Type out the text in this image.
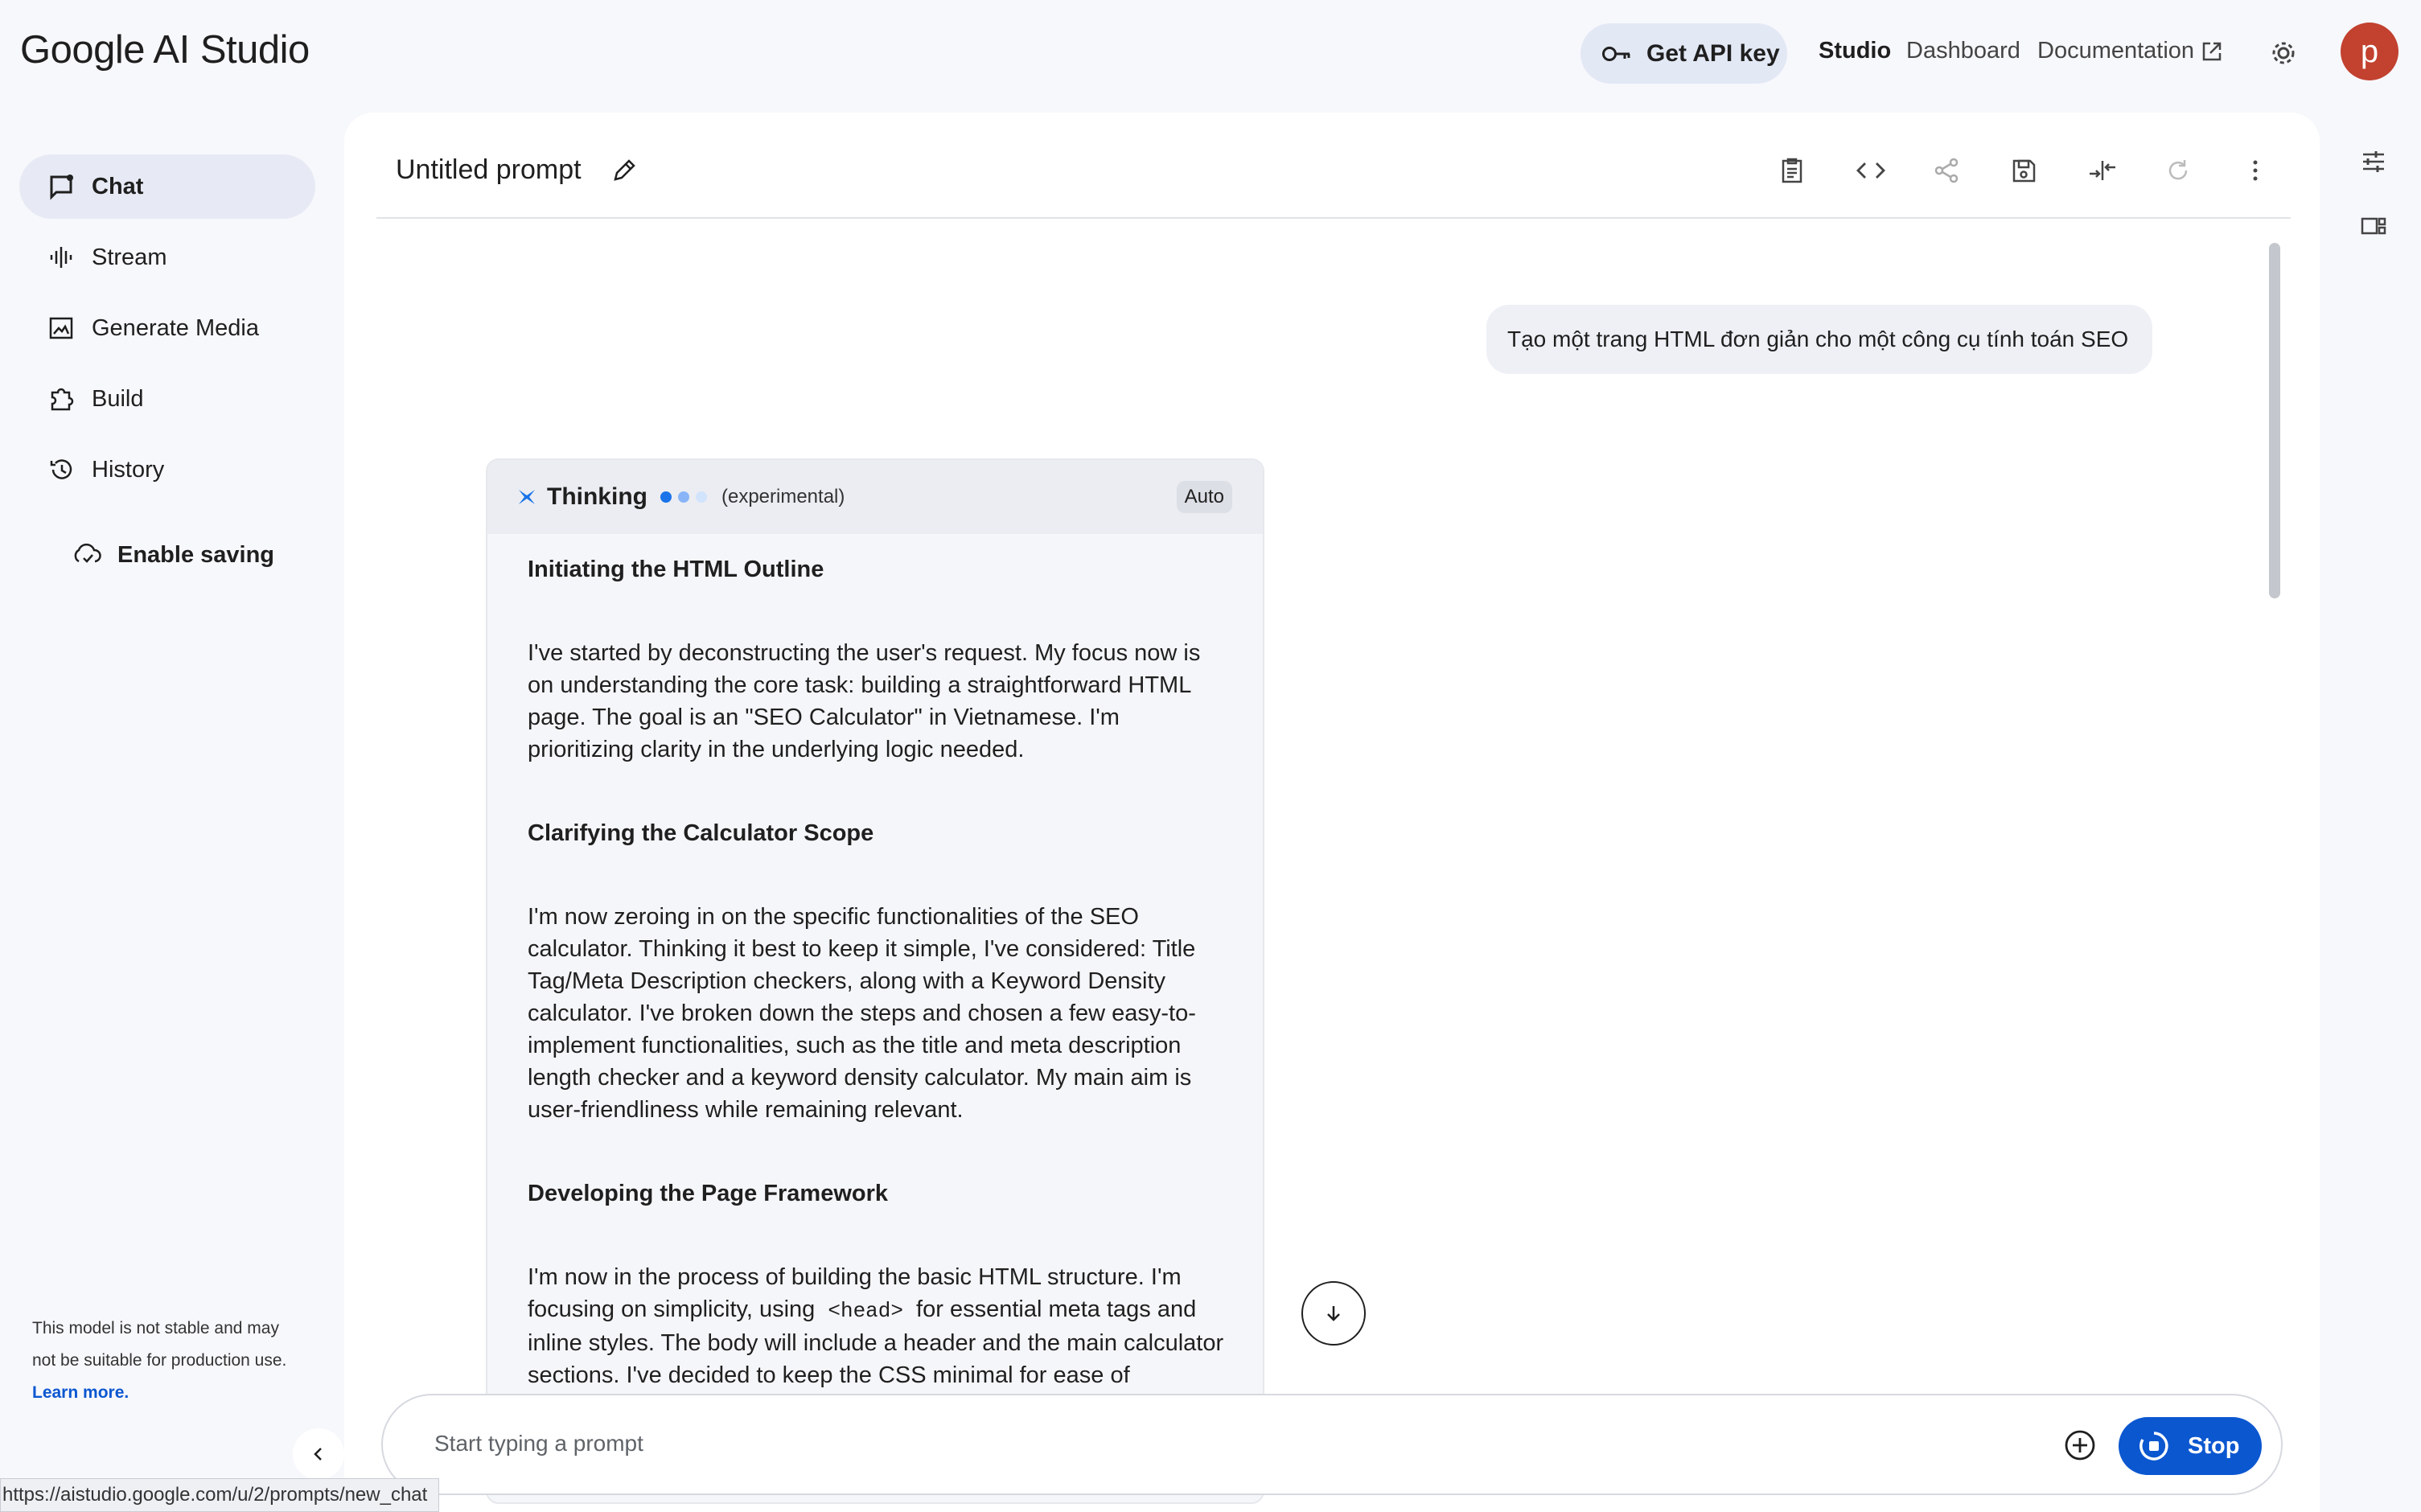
Google AI Studio	Get API key Studio Dashboard Documentation	p
Chat
Stream
Generate Media
Build
History
Enable saving
This model is not stable and may not be suitable for production use. Learn more.
Untitled prompt
Tạo một trang HTML đơn giản cho một công cụ tính toán SEO
Thinking	(experimental)	Auto
Initiating the HTML Outline
I've started by deconstructing the user's request. My focus now is on understanding the core task: building a straightforward HTML page. The goal is an "SEO Calculator" in Vietnamese. I'm prioritizing clarity in the underlying logic needed.
Clarifying the Calculator Scope
I'm now zeroing in on the specific functionalities of the SEO calculator. Thinking it best to keep it simple, I've considered: Title Tag/Meta Description checkers, along with a Keyword Density calculator. I've broken down the steps and chosen a few easy-to-implement functionalities, such as the title and meta description length checker and a keyword density calculator. My main aim is user-friendliness while remaining relevant.
Developing the Page Framework
I'm now in the process of building the basic HTML structure. I'm focusing on simplicity, using <head> for essential meta tags and inline styles. The body will include a header and the main calculator sections. I've decided to keep the CSS minimal for ease of
Start typing a prompt	Stop
https://aistudio.google.com/u/2/prompts/new_chat
